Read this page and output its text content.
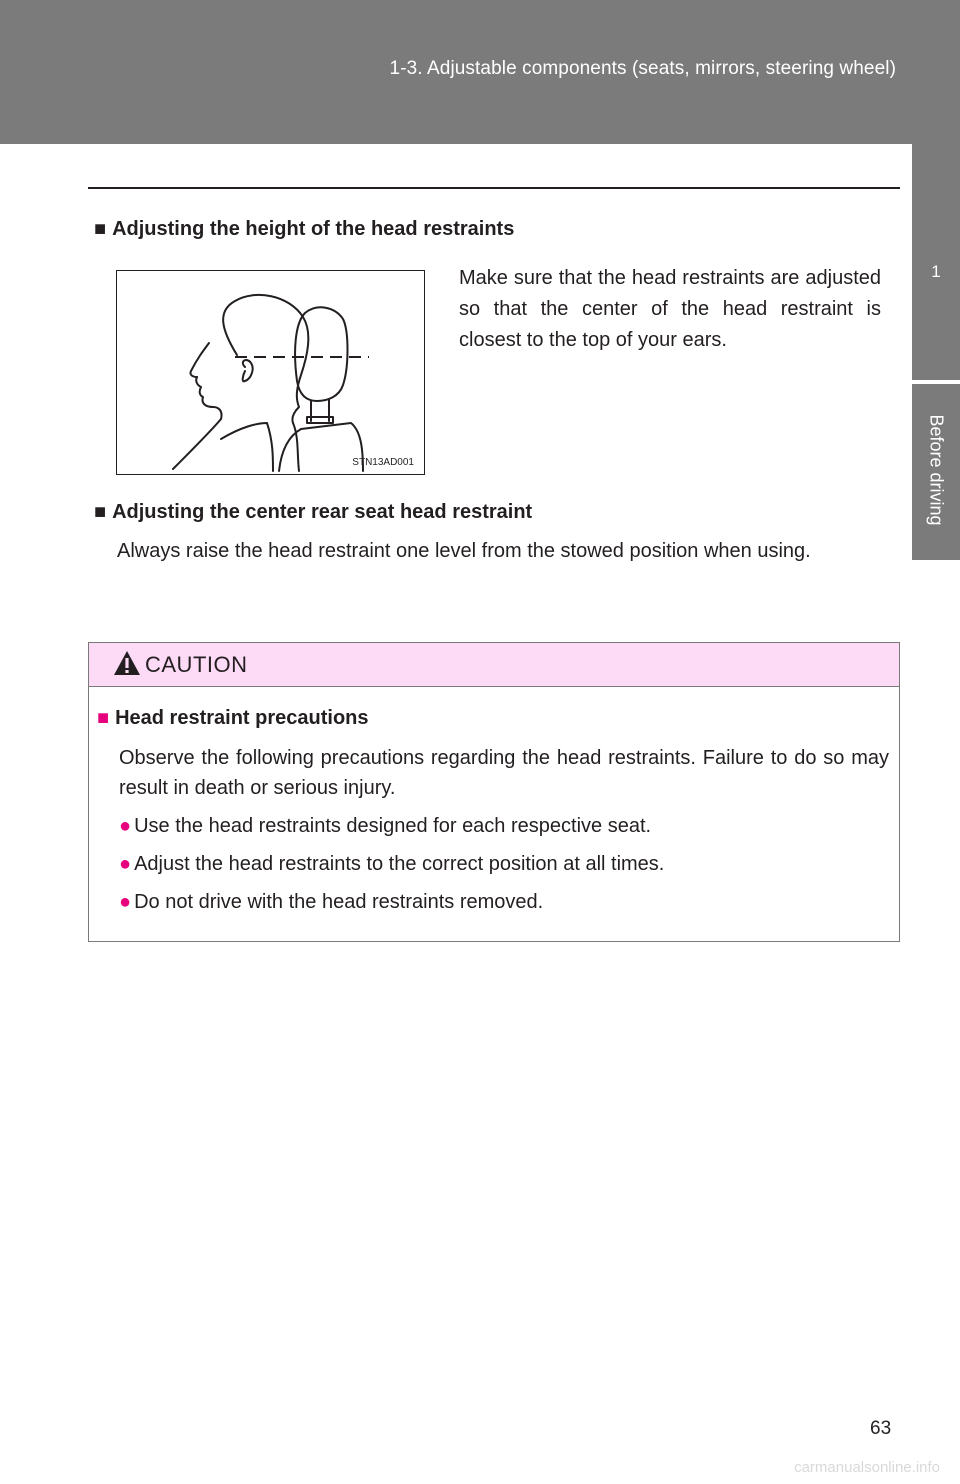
1-3. Adjustable components (seats, mirrors, steering wheel)
1
Before driving
■ Adjusting the height of the head restraints
STN13AD001
Make sure that the head restraints are adjusted so that the center of the head restraint is closest to the top of your ears.
■ Adjusting the center rear seat head restraint
Always raise the head restraint one level from the stowed position when using.
CAUTION
■ Head restraint precautions
Observe the following precautions regarding the head restraints. Failure to do so may result in death or serious injury.
● Use the head restraints designed for each respective seat.
● Adjust the head restraints to the correct position at all times.
● Do not drive with the head restraints removed.
63
carmanualsonline.info
